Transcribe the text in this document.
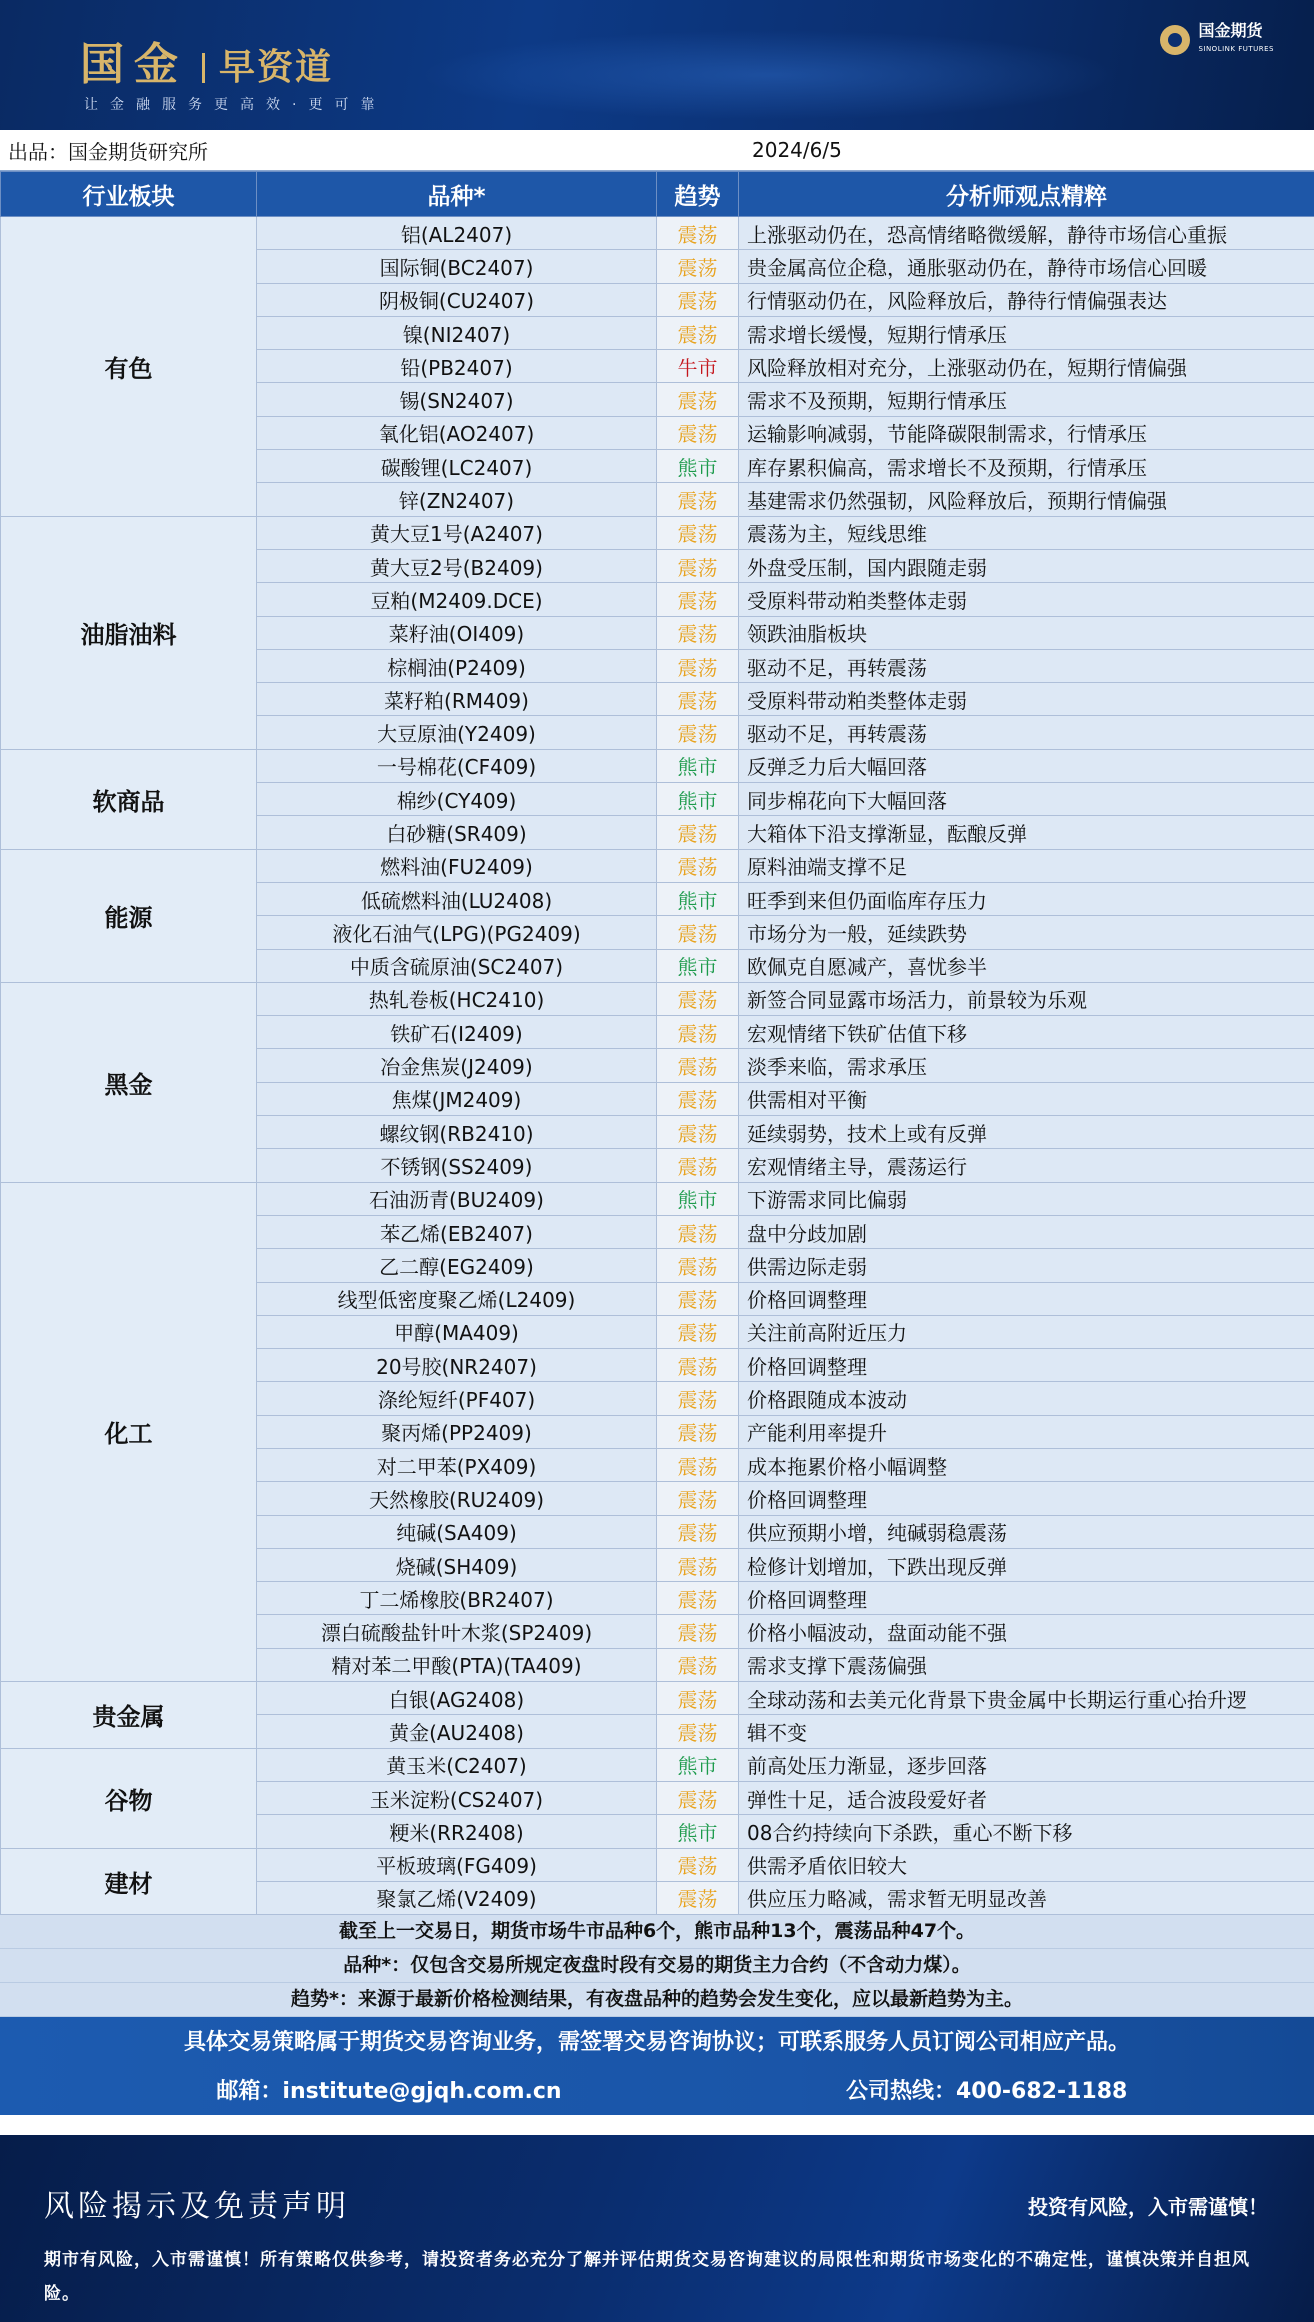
国金 早资道
让金融服务更高效·更可靠
国金期货
SINOLINK FUTURES
出品：国金期货研究所	2024/6/5
行业板块	品种*	趋势	分析师观点精粹
有色	铝(AL2407)	震荡	上涨驱动仍在，恐高情绪略微缓解，静待市场信心重振
	国际铜(BC2407)	震荡	贵金属高位企稳，通胀驱动仍在，静待市场信心回暖
	阴极铜(CU2407)	震荡	行情驱动仍在，风险释放后，静待行情偏强表达
	镍(NI2407)	震荡	需求增长缓慢，短期行情承压
	铅(PB2407)	牛市	风险释放相对充分，上涨驱动仍在，短期行情偏强
	锡(SN2407)	震荡	需求不及预期，短期行情承压
	氧化铝(AO2407)	震荡	运输影响减弱，节能降碳限制需求，行情承压
	碳酸锂(LC2407)	熊市	库存累积偏高，需求增长不及预期，行情承压
	锌(ZN2407)	震荡	基建需求仍然强韧，风险释放后，预期行情偏强
油脂油料	黄大豆1号(A2407)	震荡	震荡为主，短线思维
	黄大豆2号(B2409)	震荡	外盘受压制，国内跟随走弱
	豆粕(M2409.DCE)	震荡	受原料带动粕类整体走弱
	菜籽油(OI409)	震荡	领跌油脂板块
	棕榈油(P2409)	震荡	驱动不足，再转震荡
	菜籽粕(RM409)	震荡	受原料带动粕类整体走弱
	大豆原油(Y2409)	震荡	驱动不足，再转震荡
软商品	一号棉花(CF409)	熊市	反弹乏力后大幅回落
	棉纱(CY409)	熊市	同步棉花向下大幅回落
	白砂糖(SR409)	震荡	大箱体下沿支撑渐显，酝酿反弹
能源	燃料油(FU2409)	震荡	原料油端支撑不足
	低硫燃料油(LU2408)	熊市	旺季到来但仍面临库存压力
	液化石油气(LPG)(PG2409)	震荡	市场分为一般，延续跌势
	中质含硫原油(SC2407)	熊市	欧佩克自愿减产，喜忧参半
黑金	热轧卷板(HC2410)	震荡	新签合同显露市场活力，前景较为乐观
	铁矿石(I2409)	震荡	宏观情绪下铁矿估值下移
	冶金焦炭(J2409)	震荡	淡季来临，需求承压
	焦煤(JM2409)	震荡	供需相对平衡
	螺纹钢(RB2410)	震荡	延续弱势，技术上或有反弹
	不锈钢(SS2409)	震荡	宏观情绪主导，震荡运行
化工	石油沥青(BU2409)	熊市	下游需求同比偏弱
	苯乙烯(EB2407)	震荡	盘中分歧加剧
	乙二醇(EG2409)	震荡	供需边际走弱
	线型低密度聚乙烯(L2409)	震荡	价格回调整理
	甲醇(MA409)	震荡	关注前高附近压力
	20号胶(NR2407)	震荡	价格回调整理
	涤纶短纤(PF407)	震荡	价格跟随成本波动
	聚丙烯(PP2409)	震荡	产能利用率提升
	对二甲苯(PX409)	震荡	成本拖累价格小幅调整
	天然橡胶(RU2409)	震荡	价格回调整理
	纯碱(SA409)	震荡	供应预期小增，纯碱弱稳震荡
	烧碱(SH409)	震荡	检修计划增加，下跌出现反弹
	丁二烯橡胶(BR2407)	震荡	价格回调整理
	漂白硫酸盐针叶木浆(SP2409)	震荡	价格小幅波动，盘面动能不强
	精对苯二甲酸(PTA)(TA409)	震荡	需求支撑下震荡偏强
贵金属	白银(AG2408)	震荡	全球动荡和去美元化背景下贵金属中长期运行重心抬升逻
	黄金(AU2408)	震荡	辑不变
谷物	黄玉米(C2407)	熊市	前高处压力渐显，逐步回落
	玉米淀粉(CS2407)	震荡	弹性十足，适合波段爱好者
	粳米(RR2408)	熊市	08合约持续向下杀跌，重心不断下移
建材	平板玻璃(FG409)	震荡	供需矛盾依旧较大
	聚氯乙烯(V2409)	震荡	供应压力略减，需求暂无明显改善
截至上一交易日，期货市场牛市品种6个，熊市品种13个，震荡品种47个。
品种*：仅包含交易所规定夜盘时段有交易的期货主力合约（不含动力煤）。
趋势*：来源于最新价格检测结果，有夜盘品种的趋势会发生变化，应以最新趋势为主。
具体交易策略属于期货交易咨询业务，需签署交易咨询协议；可联系服务人员订阅公司相应产品。
邮箱：institute@gjqh.com.cn	公司热线：400-682-1188
风险揭示及免责声明	投资有风险，入市需谨慎！
期市有风险，入市需谨慎！所有策略仅供参考，请投资者务必充分了解并评估期货交易咨询建议的局限性和期货市场变化的不确定性，谨慎决策并自担风险。
